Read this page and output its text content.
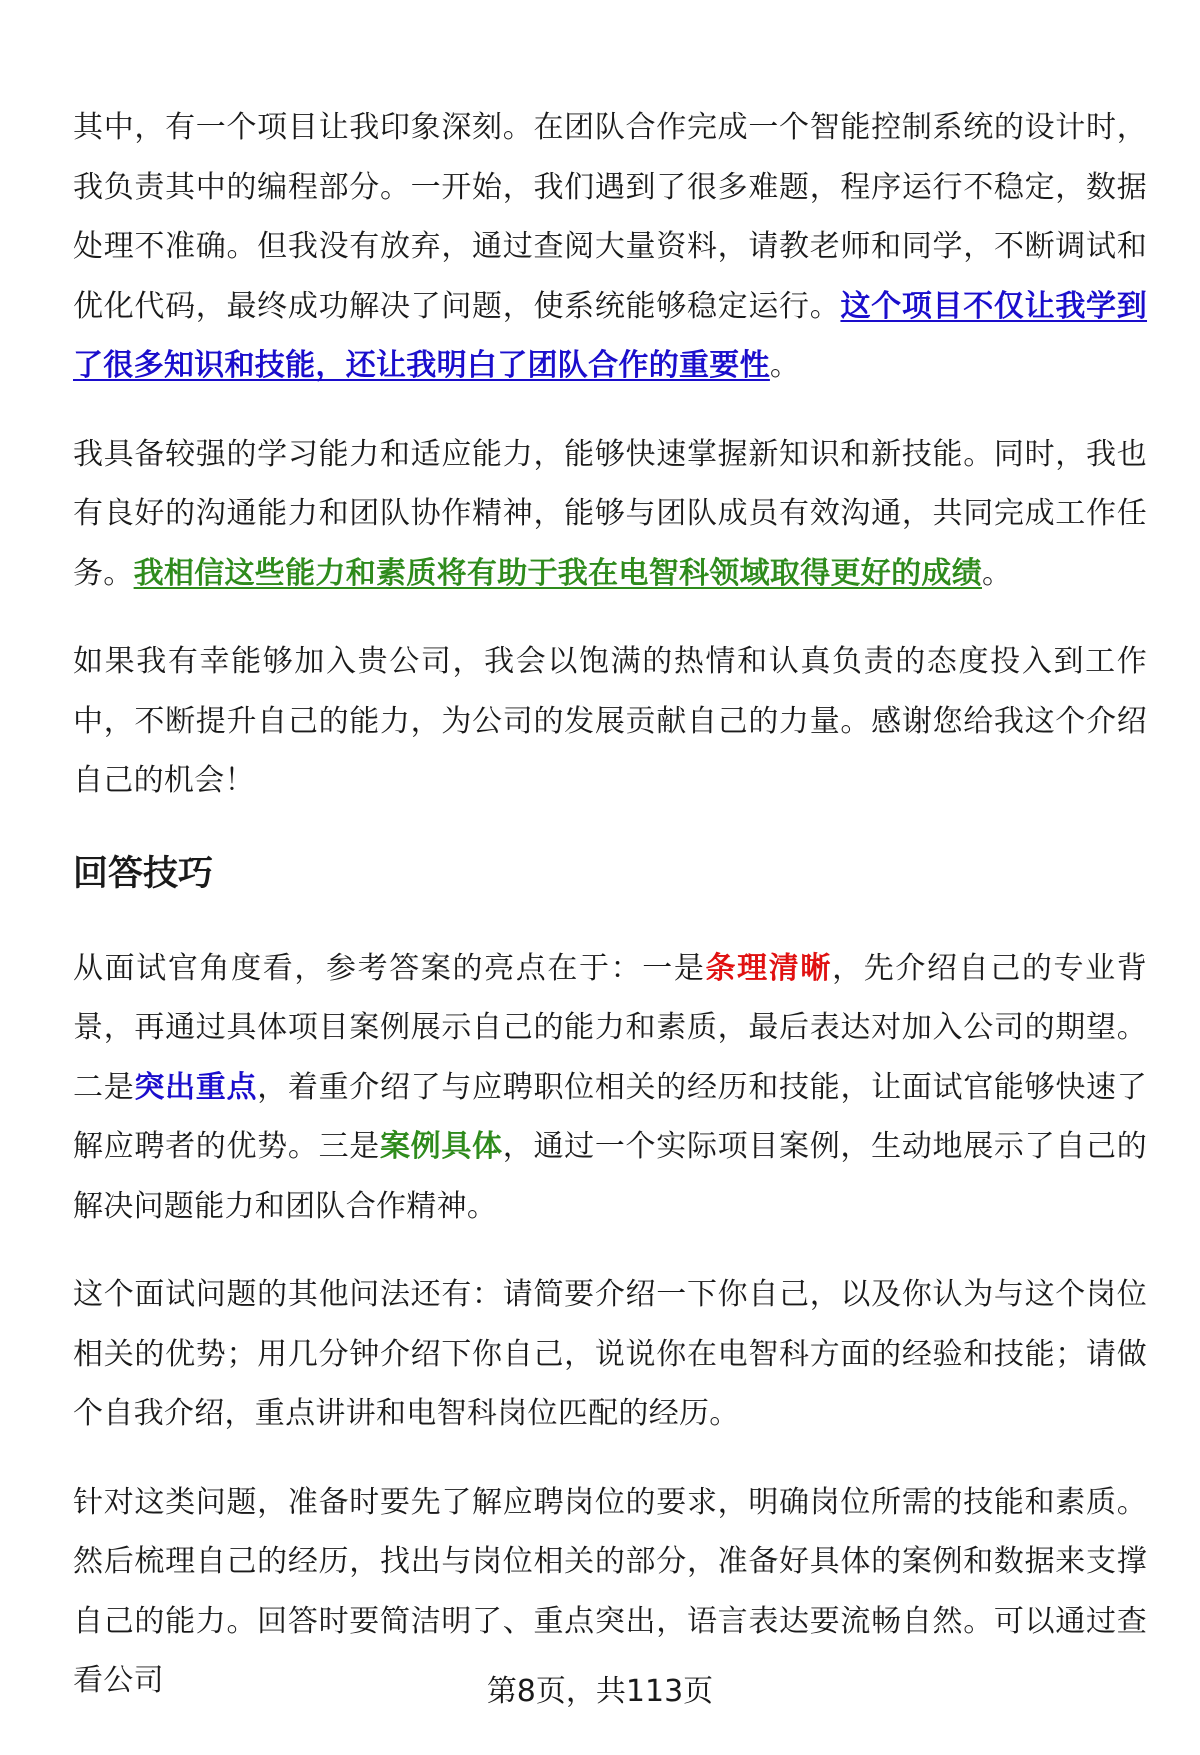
其中，有一个项目让我印象深刻。在团队合作完成一个智能控制系统的设计时，我负责其中的编程部分。一开始，我们遇到了很多难题，程序运行不稳定，数据处理不准确。但我没有放弃，通过查阅大量资料，请教老师和同学，不断调试和优化代码，最终成功解决了问题，使系统能够稳定运行。这个项目不仅让我学到了很多知识和技能，还让我明白了团队合作的重要性。

我具备较强的学习能力和适应能力，能够快速掌握新知识和新技能。同时，我也有良好的沟通能力和团队协作精神，能够与团队成员有效沟通，共同完成工作任务。我相信这些能力和素质将有助于我在电智科领域取得更好的成绩。

如果我有幸能够加入贵公司，我会以饱满的热情和认真负责的态度投入到工作中，不断提升自己的能力，为公司的发展贡献自己的力量。感谢您给我这个介绍自己的机会！

回答技巧

从面试官角度看，参考答案的亮点在于：一是条理清晰，先介绍自己的专业背景，再通过具体项目案例展示自己的能力和素质，最后表达对加入公司的期望。二是突出重点，着重介绍了与应聘职位相关的经历和技能，让面试官能够快速了解应聘者的优势。三是案例具体，通过一个实际项目案例，生动地展示了自己的解决问题能力和团队合作精神。

这个面试问题的其他问法还有：请简要介绍一下你自己，以及你认为与这个岗位相关的优势；用几分钟介绍下你自己，说说你在电智科方面的经验和技能；请做个自我介绍，重点讲讲和电智科岗位匹配的经历。

针对这类问题，准备时要先了解应聘岗位的要求，明确岗位所需的技能和素质。然后梳理自己的经历，找出与岗位相关的部分，准备好具体的案例和数据来支撑自己的能力。回答时要简洁明了、重点突出，语言表达要流畅自然。可以通过查看公司	第8页，共113页
